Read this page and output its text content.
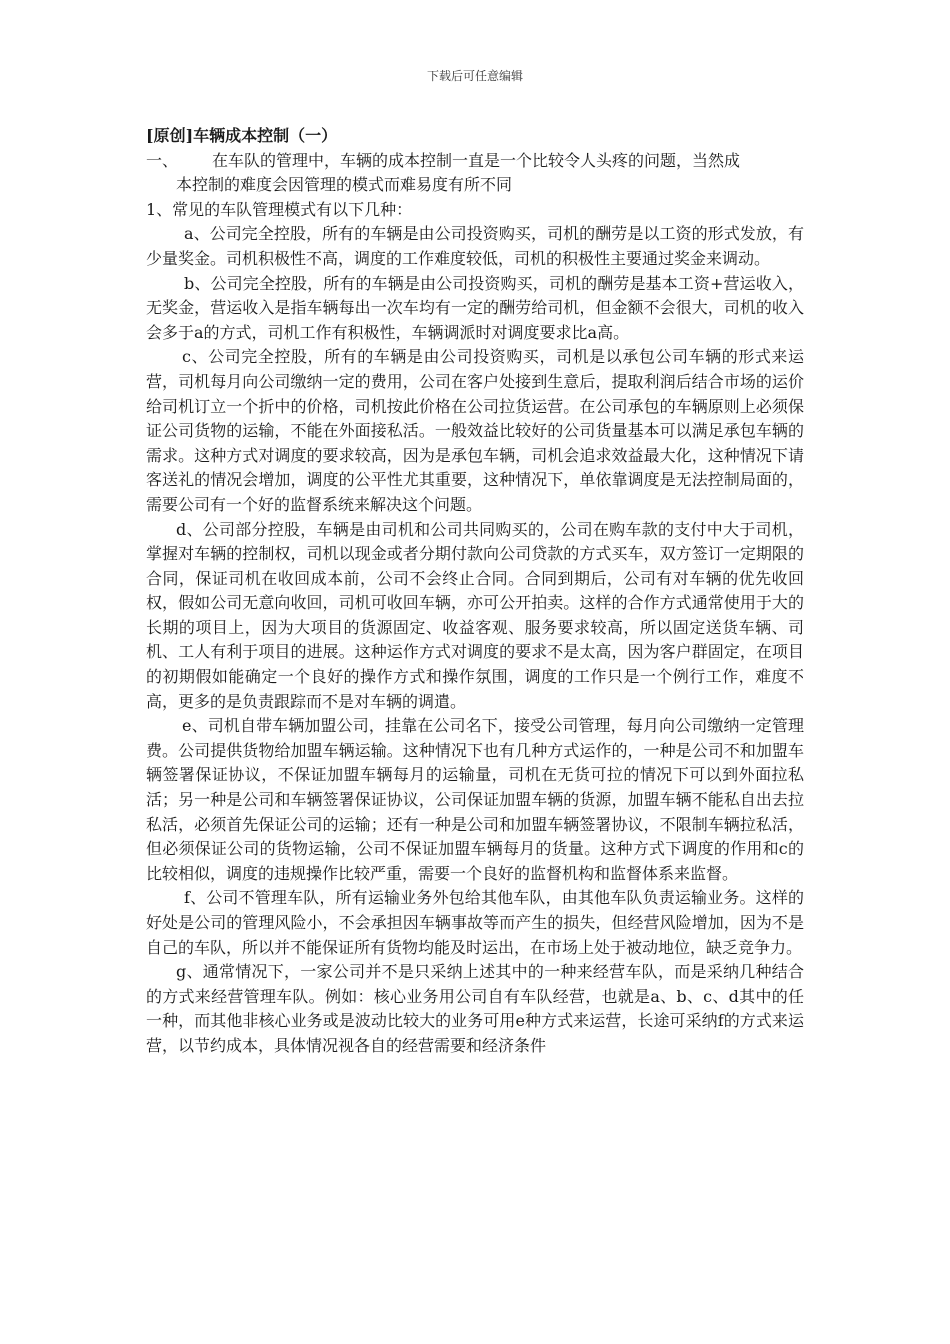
下载后可任意编辑

[原创]车辆成本控制（一）

一、	在车队的管理中，车辆的成本控制一直是一个比较令人头疼的问题，当然成

本控制的难度会因管理的模式而难易度有所不同

1、常见的车队管理模式有以下几种：

a、公司完全控股，所有的车辆是由公司投资购买，司机的酬劳是以工资的形式发放，有少量奖金。司机积极性不高，调度的工作难度较低，司机的积极性主要通过奖金来调动。

b、公司完全控股，所有的车辆是由公司投资购买，司机的酬劳是基本工资+营运收入，无奖金，营运收入是指车辆每出一次车均有一定的酬劳给司机，但金额不会很大，司机的收入会多于a的方式，司机工作有积极性，车辆调派时对调度要求比a高。

c、公司完全控股，所有的车辆是由公司投资购买，司机是以承包公司车辆的形式来运营，司机每月向公司缴纳一定的费用，公司在客户处接到生意后，提取利润后结合市场的运价给司机订立一个折中的价格，司机按此价格在公司拉货运营。在公司承包的车辆原则上必须保证公司货物的运输，不能在外面接私活。一般效益比较好的公司货量基本可以满足承包车辆的需求。这种方式对调度的要求较高，因为是承包车辆，司机会追求效益最大化，这种情况下请客送礼的情况会增加，调度的公平性尤其重要，这种情况下，单依靠调度是无法控制局面的，需要公司有一个好的监督系统来解决这个问题。

d、公司部分控股，车辆是由司机和公司共同购买的，公司在购车款的支付中大于司机，掌握对车辆的控制权，司机以现金或者分期付款向公司贷款的方式买车，双方签订一定期限的合同，保证司机在收回成本前，公司不会终止合同。合同到期后，公司有对车辆的优先收回权，假如公司无意向收回，司机可收回车辆，亦可公开拍卖。这样的合作方式通常使用于大的长期的项目上，因为大项目的货源固定、收益客观、服务要求较高，所以固定送货车辆、司机、工人有利于项目的进展。这种运作方式对调度的要求不是太高，因为客户群固定，在项目的初期假如能确定一个良好的操作方式和操作氛围，调度的工作只是一个例行工作，难度不高，更多的是负责跟踪而不是对车辆的调遣。

e、司机自带车辆加盟公司，挂靠在公司名下，接受公司管理，每月向公司缴纳一定管理费。公司提供货物给加盟车辆运输。这种情况下也有几种方式运作的，一种是公司不和加盟车辆签署保证协议，不保证加盟车辆每月的运输量，司机在无货可拉的情况下可以到外面拉私活；另一种是公司和车辆签署保证协议，公司保证加盟车辆的货源，加盟车辆不能私自出去拉私活，必须首先保证公司的运输；还有一种是公司和加盟车辆签署协议，不限制车辆拉私活，但必须保证公司的货物运输，公司不保证加盟车辆每月的货量。这种方式下调度的作用和c的比较相似，调度的违规操作比较严重，需要一个良好的监督机构和监督体系来监督。

f、公司不管理车队，所有运输业务外包给其他车队，由其他车队负责运输业务。这样的好处是公司的管理风险小，不会承担因车辆事故等而产生的损失，但经营风险增加，因为不是自己的车队，所以并不能保证所有货物均能及时运出，在市场上处于被动地位，缺乏竞争力。

g、通常情况下，一家公司并不是只采纳上述其中的一种来经营车队，而是采纳几种结合的方式来经营管理车队。例如：核心业务用公司自有车队经营，也就是a、b、c、d其中的任一种，而其他非核心业务或是波动比较大的业务可用e种方式来运营，长途可采纳f的方式来运营，以节约成本，具体情况视各自的经营需要和经济条件
